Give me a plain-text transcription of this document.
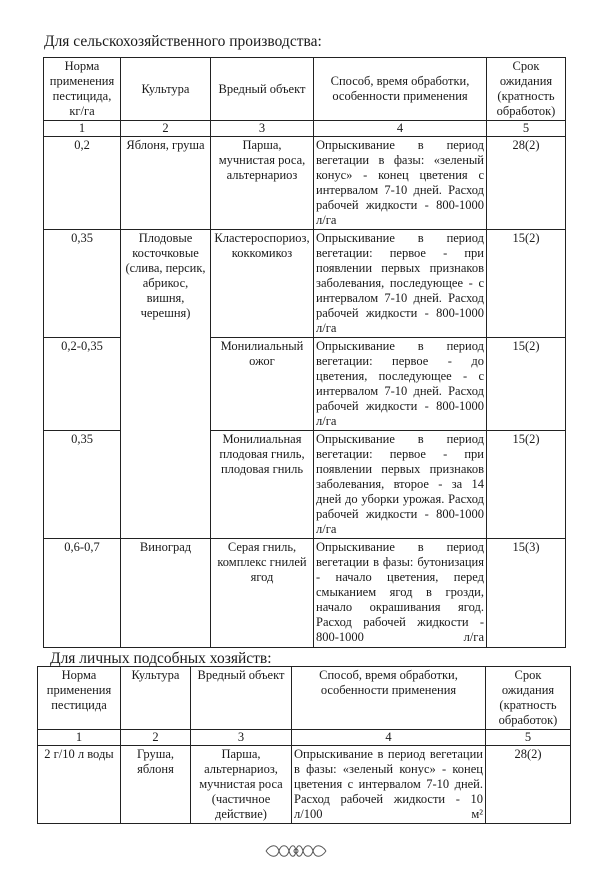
Для сельскохозяйственного производства:
Норма применения пестицида, кг/га	Культура	Вредный объект	Способ, время обработки, особенности применения	Срок ожидания (кратность обработок)
1	2	3	4	5
0,2	Яблоня, груша	Парша, мучнистая роса, альтернариоз	Опрыскивание в период вегетации в фазы: «зеленый конус» - конец цветения с интервалом 7-10 дней. Расход рабочей жидкости - 800-1000 л/га	28(2)
0,35	Плодовые косточковые (слива, персик, абрикос, вишня, черешня)	Кластероспориоз, коккомикоз	Опрыскивание в период вегетации: первое - при появлении первых признаков заболевания, последующее - с интервалом 7-10 дней. Расход рабочей жидкости - 800-1000 л/га	15(2)
0,2-0,35		Монилиальный ожог	Опрыскивание в период вегетации: первое - до цветения, последующее - с интервалом 7-10 дней. Расход рабочей жидкости - 800-1000 л/га	15(2)
0,35		Монилиальная плодовая гниль, плодовая гниль	Опрыскивание в период вегетации: первое - при появлении первых признаков заболевания, второе - за 14 дней до уборки урожая. Расход рабочей жидкости - 800-1000 л/га	15(2)
0,6-0,7	Виноград	Серая гниль, комплекс гнилей ягод	Опрыскивание в период вегетации в фазы: бутонизация - начало цветения, перед смыканием ягод в грозди, начало окрашивания ягод. Расход рабочей жидкости - 800-1000 л/га	15(3)
Для личных подсобных хозяйств:
Норма применения пестицида	Культура	Вредный объект	Способ, время обработки, особенности применения	Срок ожидания (кратность обработок)
1	2	3	4	5
2 г/10 л воды	Груша, яблоня	Парша, альтернариоз, мучнистая роса (частичное действие)	Опрыскивание в период вегетации в фазы: «зеленый конус» - конец цветения с интервалом 7-10 дней. Расход рабочей жидкости - 10 л/100 м²	28(2)
